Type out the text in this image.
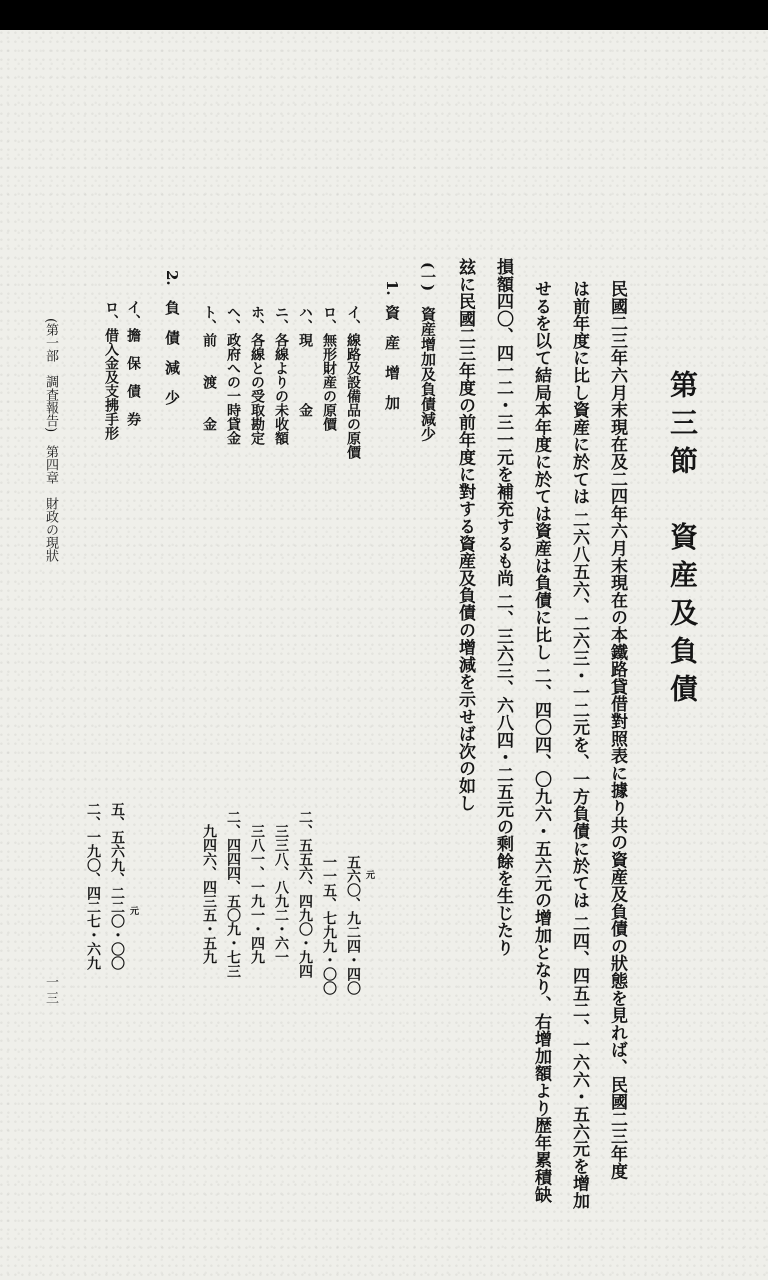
第三節　資産及負債
民國二三年六月末現在及二四年六月末現在の本鐵路貸借對照表に據り共の資産及負債の狀態を見れば、民國二三年度
は前年度に比し資産に於ては 二六八五六、二六三・一二元を、一方負債に於ては 二四、四五二、一六六・五六元を增加
せるを以て結局本年度に於ては資産は負債に比し 二、四〇四、〇九六・五六元の增加となり、右增加額より歴年累積缺
損額四〇、四一二・三一元を補充するも尚 二、三六三、六八四・二五元の剩餘を生じたり
玆に民國二三年度の前年度に對する資産及負債の增減を示せば次の如し
(一)　資産增加及負債減少
1.
資　産　增　加
イ、線路及設備品の原價
ロ、無形財産の原價
ハ、現　　　　金
ニ、各線よりの未收額
ホ、各線との受取勘定
ヘ、政府への一時貸金
ト、前　　渡　　金
五六〇、九二四・四〇 元
一一五、七九九・〇〇
二、五五六、四九〇・九四
三三八、八九二・六一
三八一、一九一・四九
二、四四四、五〇九・七三
九四六、四三五・五九
2.
負　債　減　少
イ、擔　保　債　券
ロ、借入金及支拂手形
五、五六九、二二〇・〇〇 元
二、一九〇、四二七・六九
(第一部　調査報告)　第四章　財政の現狀
一三
